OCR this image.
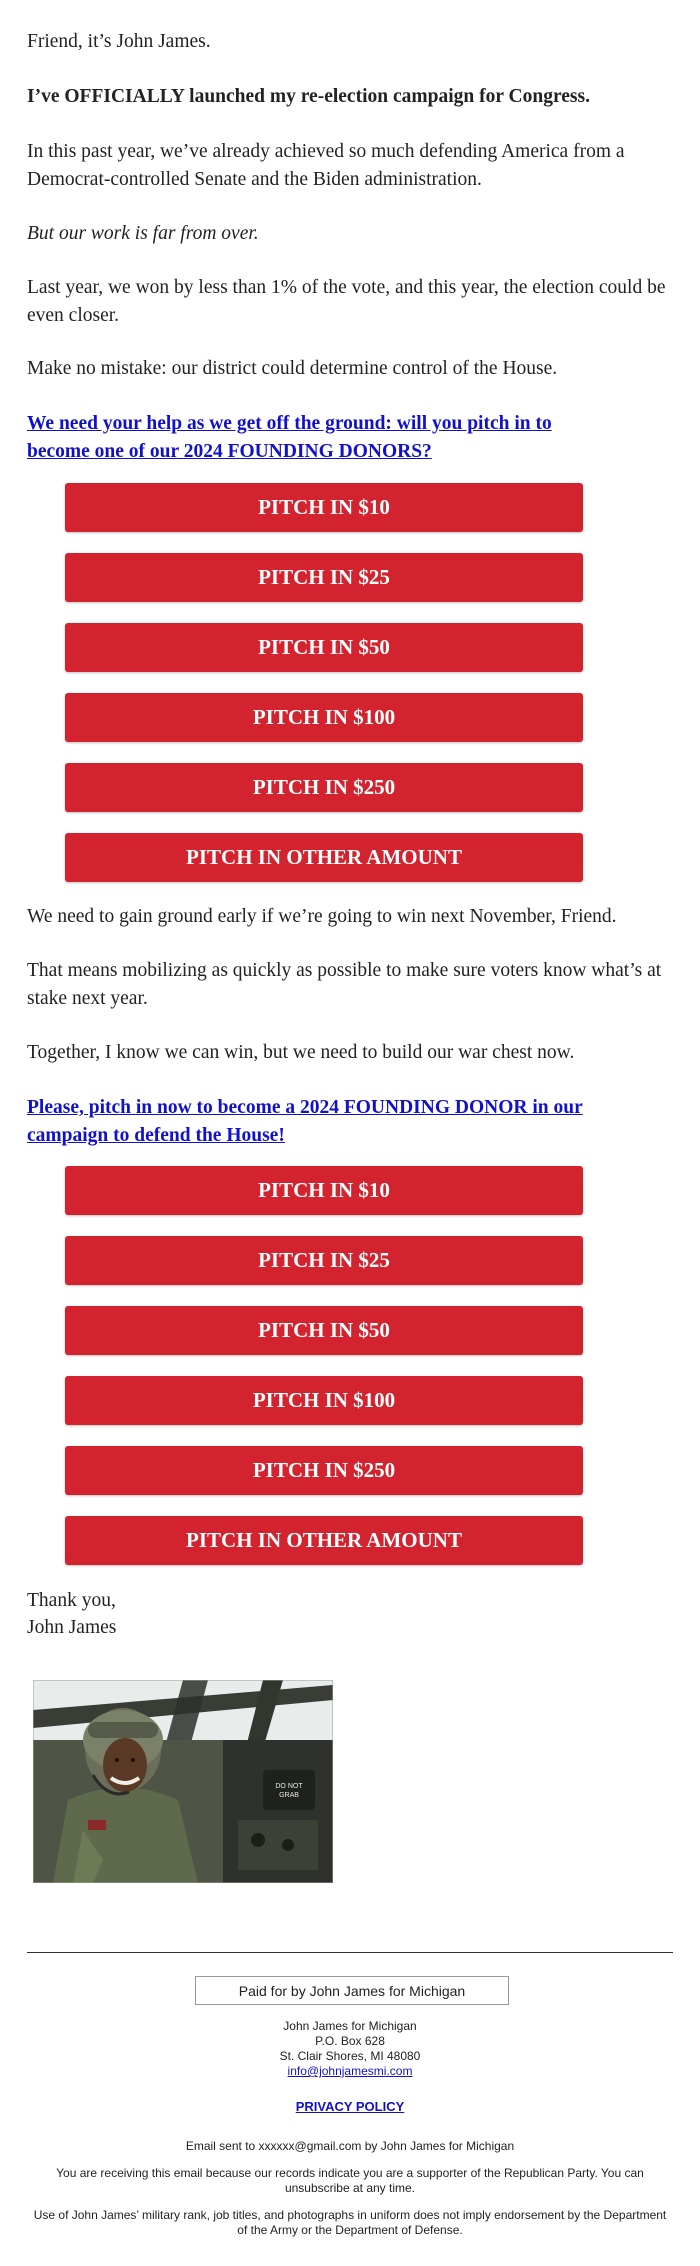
Friend, it’s John James.

I’ve OFFICIALLY launched my re-election campaign for Congress.

In this past year, we’ve already achieved so much defending America from a
Democrat-controlled Senate and the Biden administration.

But our work is far from over.

Last year, we won by less than 1% of the vote, and this year, the election could be
even closer.

Make no mistake: our district could determine control of the House.

We need your help as we get off the ground: will you pitch in to
become one of our 2024 FOUNDING DONORS?

PITCH IN $10
PITCH IN $25
PITCH IN $50
PITCH IN $100
PITCH IN $250
PITCH IN OTHER AMOUNT

We need to gain ground early if we’re going to win next November, Friend.

That means mobilizing as quickly as possible to make sure voters know what’s at
stake next year.

Together, I know we can win, but we need to build our war chest now.

Please, pitch in now to become a 2024 FOUNDING DONOR in our
campaign to defend the House!

PITCH IN $10
PITCH IN $25
PITCH IN $50
PITCH IN $100
PITCH IN $250
PITCH IN OTHER AMOUNT

Thank you,

John James

DO NOT
GRAB
Paid for by John James for Michigan

John James for Michigan

P.O. Box 628

St. Clair Shores, MI 48080

info@johnjamesmi.com

PRIVACY POLICY

Email sent to xxxxxx@gmail.com by John James for Michigan

You are receiving this email because our records indicate you are a supporter of the Republican Party. You can
unsubscribe at any time.

Use of John James’ military rank, job titles, and photographs in uniform does not imply endorsement by the Department
of the Army or the Department of Defense.
